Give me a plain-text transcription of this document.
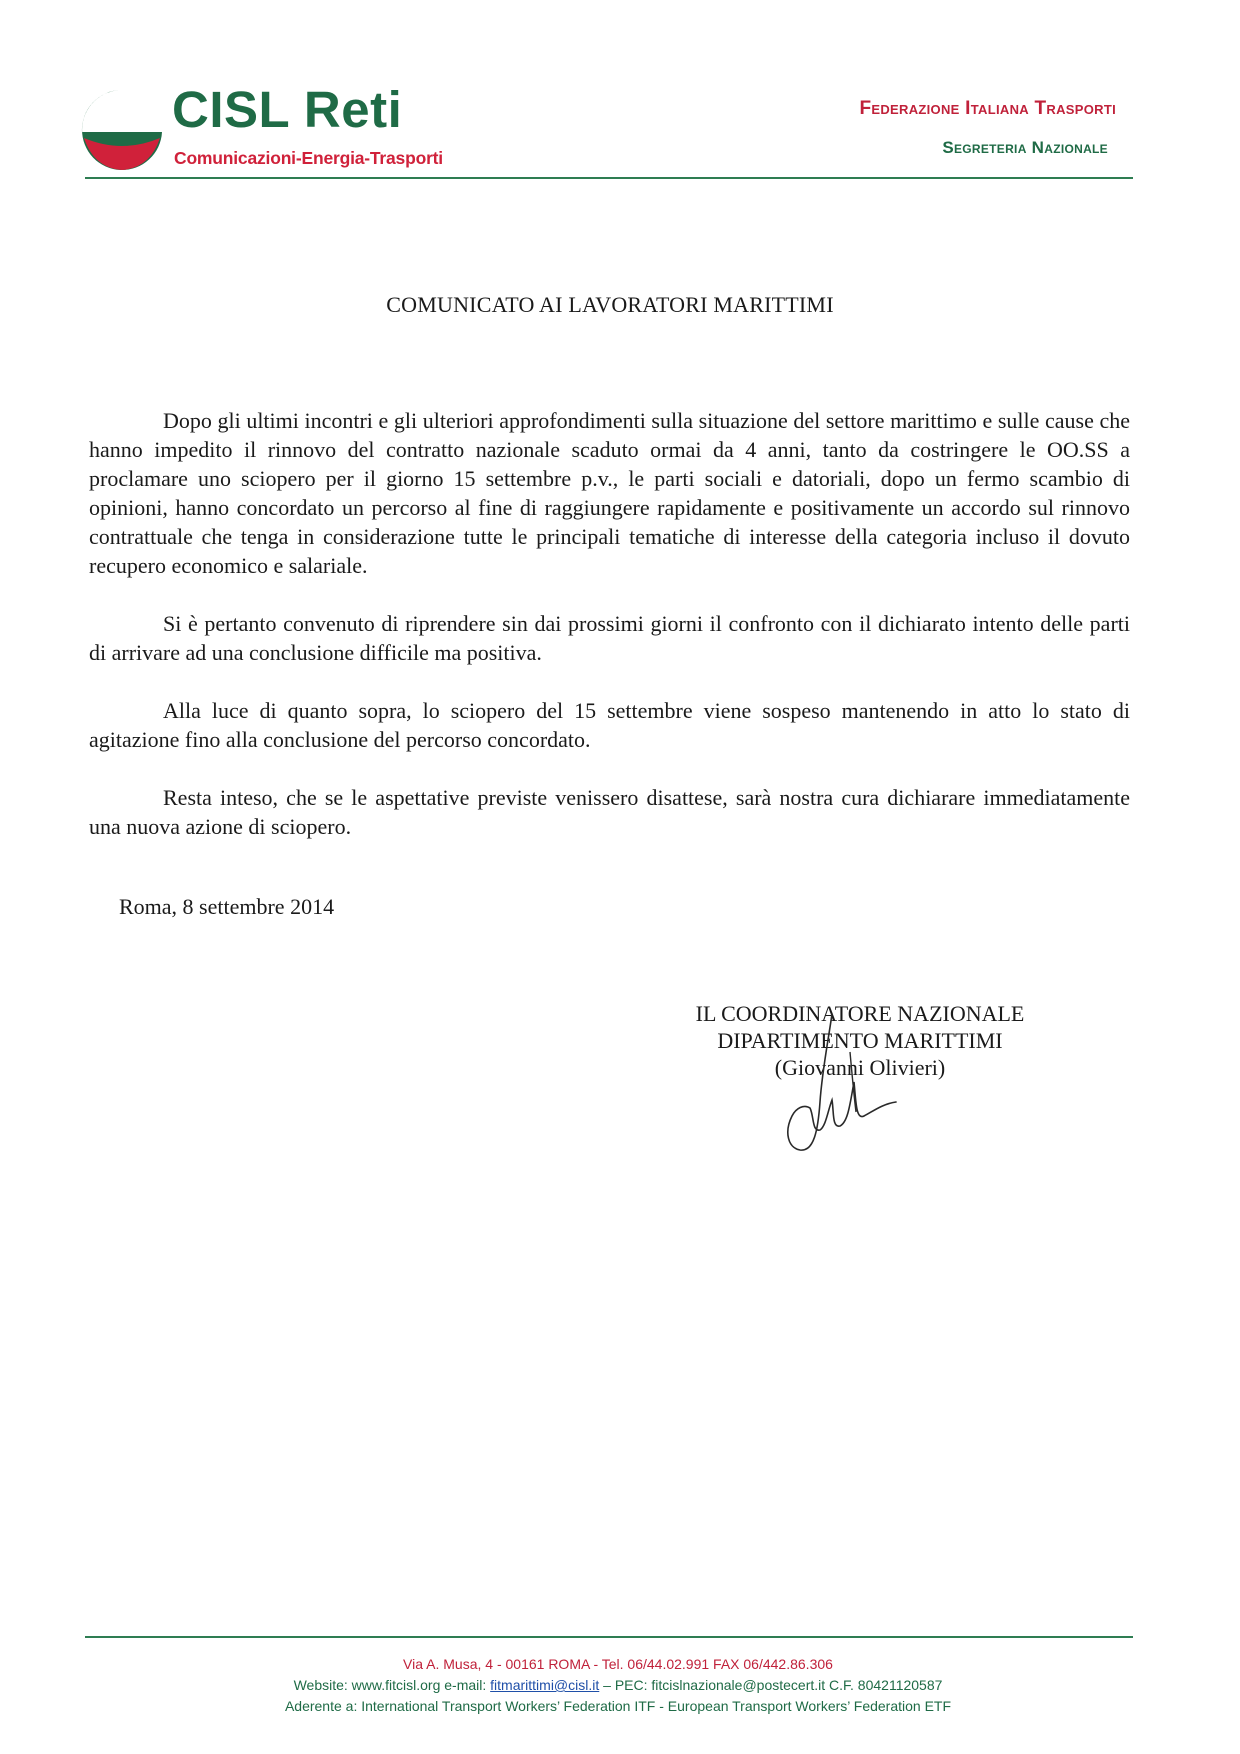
FIT CISL Reti
Comunicazioni-Energia-Trasporti
Federazione Italiana Trasporti
Segreteria Nazionale
COMUNICATO AI LAVORATORI MARITTIMI

Dopo gli ultimi incontri e gli ulteriori approfondimenti sulla situazione del settore marittimo e sulle cause che hanno impedito il rinnovo del contratto nazionale scaduto ormai da 4 anni, tanto da costringere le OO.SS a proclamare uno sciopero per il giorno 15 settembre p.v., le parti sociali e datoriali, dopo un fermo scambio di opinioni, hanno concordato un percorso al fine di raggiungere rapidamente e positivamente un accordo sul rinnovo contrattuale che tenga in considerazione tutte le principali tematiche di interesse della categoria incluso il dovuto recupero economico e salariale.

Si è pertanto convenuto di riprendere sin dai prossimi giorni il confronto con il dichiarato intento delle parti di arrivare ad una conclusione difficile ma positiva.

Alla luce di quanto sopra, lo sciopero del 15 settembre viene sospeso mantenendo in atto lo stato di agitazione fino alla conclusione del percorso concordato.

Resta inteso, che se le aspettative previste venissero disattese, sarà nostra cura dichiarare immediatamente una nuova azione di sciopero.

Roma, 8 settembre 2014
IL COORDINATORE NAZIONALE
DIPARTIMENTO MARITTIMI
(Giovanni Olivieri)
Via A. Musa, 4 - 00161 ROMA - Tel. 06/44.02.991 FAX 06/442.86.306
Website: www.fitcisl.org e-mail: fitmarittimi@cisl.it – PEC: fitcislnazionale@postecert.it C.F. 80421120587
Aderente a: International Transport Workers’ Federation ITF - European Transport Workers’ Federation ETF
